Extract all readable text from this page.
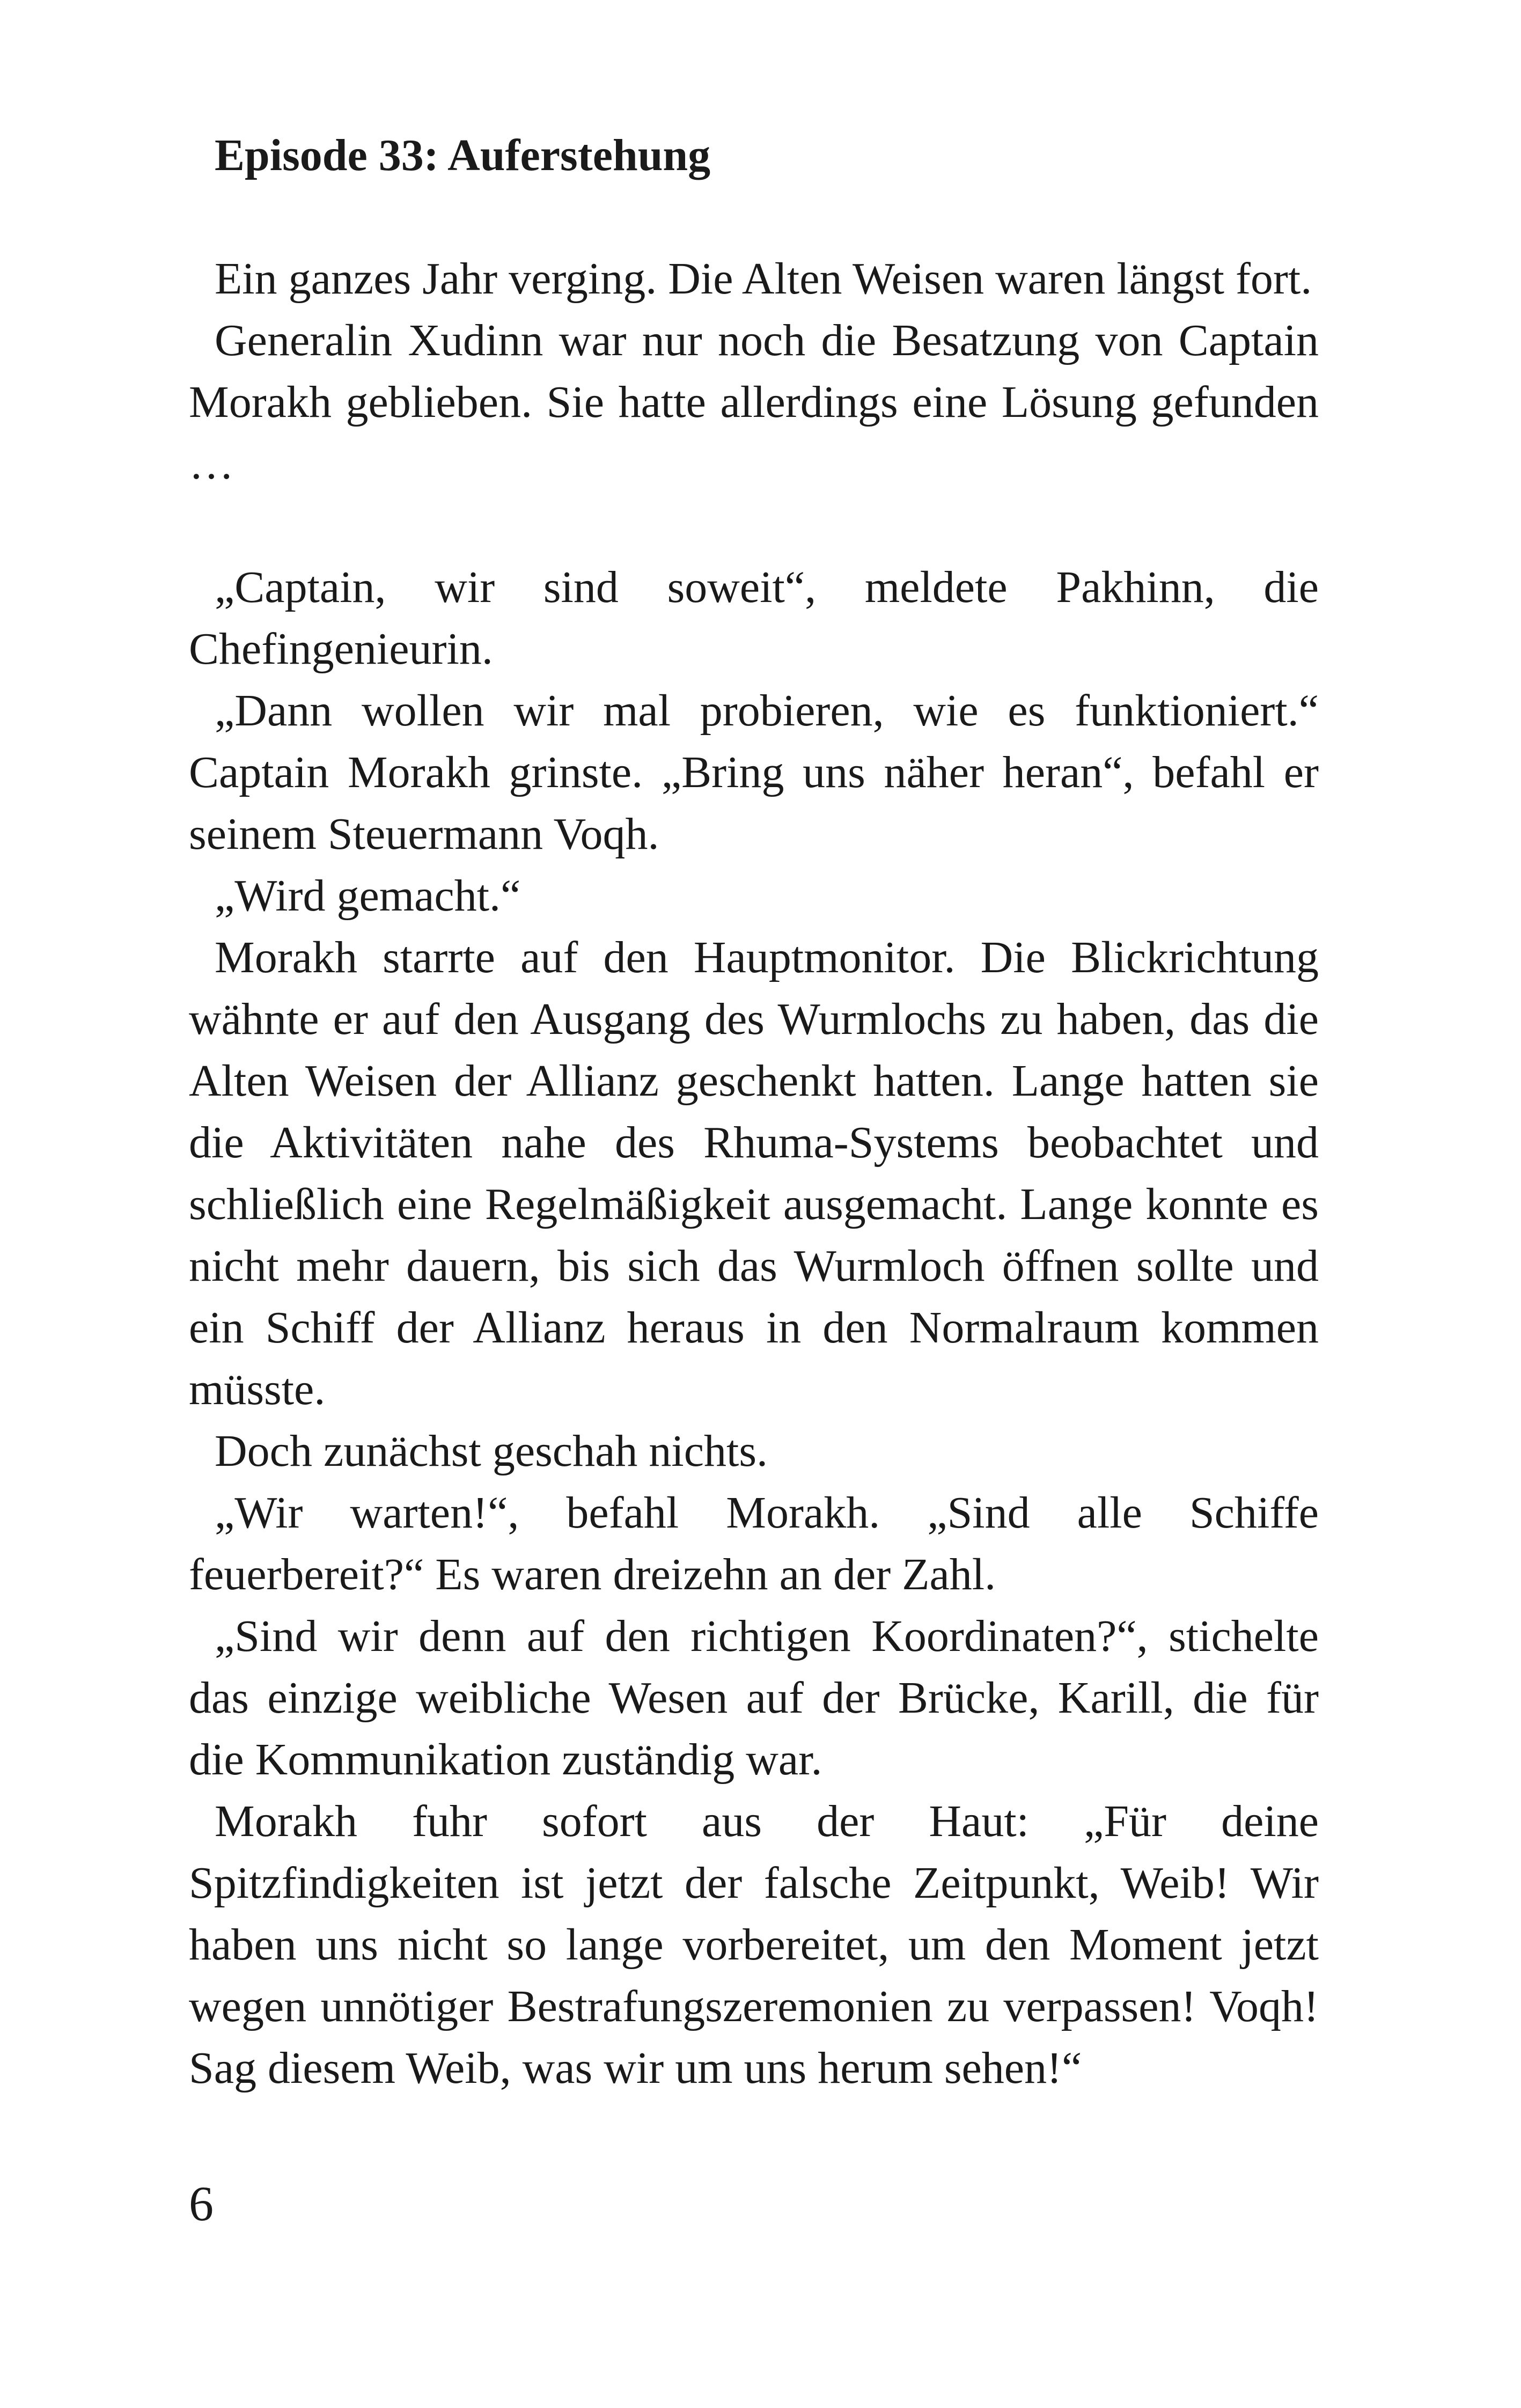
Episode 33: Auferstehung

Ein ganzes Jahr verging. Die Alten Weisen waren längst fort.

Generalin Xudinn war nur noch die Besatzung von Captain Morakh geblieben. Sie hatte allerdings eine Lösung gefunden …

„Captain, wir sind soweit“, meldete Pakhinn, die Chefingenieurin.

„Dann wollen wir mal probieren, wie es funktioniert.“ Captain Morakh grinste. „Bring uns näher heran“, befahl er seinem Steuermann Voqh.

„Wird gemacht.“

Morakh starrte auf den Hauptmonitor. Die Blickrichtung wähnte er auf den Ausgang des Wurmlochs zu haben, das die Alten Weisen der Allianz geschenkt hatten. Lange hatten sie die Aktivitäten nahe des Rhuma-Systems beobachtet und schließlich eine Regelmäßigkeit ausgemacht. Lange konnte es nicht mehr dauern, bis sich das Wurmloch öffnen sollte und ein Schiff der Allianz heraus in den Normalraum kommen müsste.

Doch zunächst geschah nichts.

„Wir warten!“, befahl Morakh. „Sind alle Schiffe feuerbereit?“ Es waren dreizehn an der Zahl.

„Sind wir denn auf den richtigen Koordinaten?“, stichelte das einzige weibliche Wesen auf der Brücke, Karill, die für die Kommunikation zuständig war.

Morakh fuhr sofort aus der Haut: „Für deine Spitzfindigkeiten ist jetzt der falsche Zeitpunkt, Weib! Wir haben uns nicht so lange vorbereitet, um den Moment jetzt wegen unnötiger Bestrafungszeremonien zu verpassen! Voqh! Sag diesem Weib, was wir um uns herum sehen!“

6
